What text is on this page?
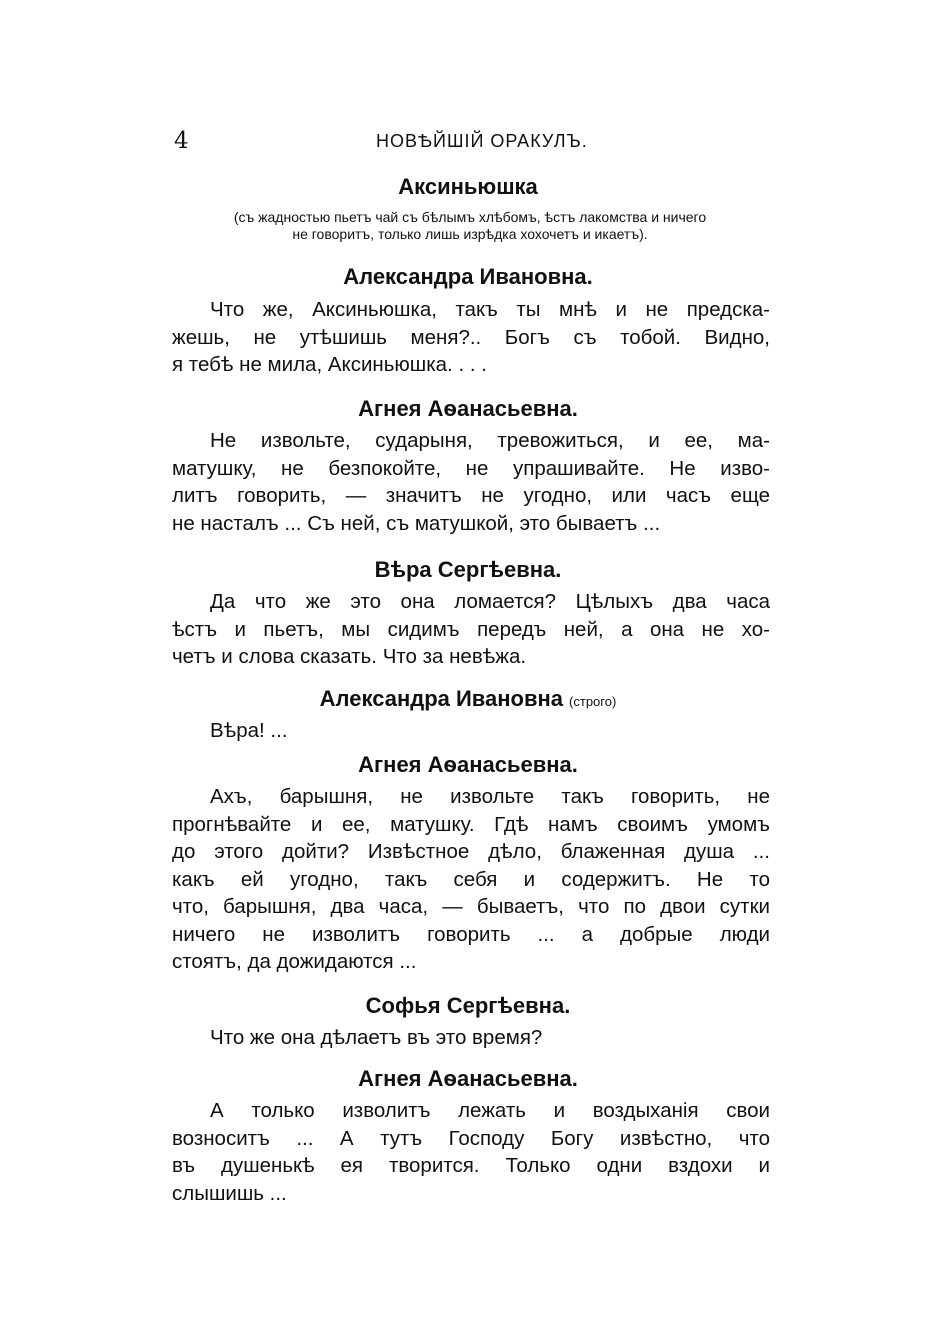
4	НОВѢЙШІЙ ОРАКУЛЪ.
Аксиньюшка
(съ жадностью пьетъ чай съ бѣлымъ хлѣбомъ, ѣстъ лакомства и ничего
не говоритъ, только лишь изрѣдка хохочетъ и икаетъ).
Александра Ивановна.
Что же, Аксиньюшка, такъ ты мнѣ и не предска-
жешь, не утѣшишь меня?.. Богъ съ тобой. Видно,
я тебѣ не мила, Аксиньюшка. . . .
Агнея Аѳанасьевна.
Не извольте, сударыня, тревожиться, и ее, ма-
матушку, не безпокойте, не упрашивайте. Не изво-
литъ говорить, — значитъ не угодно, или часъ еще
не насталъ ... Съ ней, съ матушкой, это бываетъ ...
Вѣра Сергѣевна.
Да что же это она ломается? Цѣлыхъ два часа
ѣстъ и пьетъ, мы сидимъ передъ ней, а она не хо-
четъ и слова сказать. Что за невѣжа.
Александра Ивановна (строго)
Вѣра! ...
Агнея Аѳанасьевна.
Ахъ, барышня, не извольте такъ говорить, не
прогнѣвайте и ее, матушку. Гдѣ намъ своимъ умомъ
до этого дойти? Извѣстное дѣло, блаженная душа ...
какъ ей угодно, такъ себя и содержитъ. Не то
что, барышня, два часа, — бываетъ, что по двои сутки
ничего не изволитъ говорить ... а добрые люди
стоятъ, да дожидаются ...
Софья Сергѣевна.
Что же она дѣлаетъ въ это время?
Агнея Аѳанасьевна.
А только изволитъ лежать и воздыханія свои
возноситъ ... А тутъ Господу Богу извѣстно, что
въ душенькѣ ея творится. Только одни вздохи и
слышишь ...
